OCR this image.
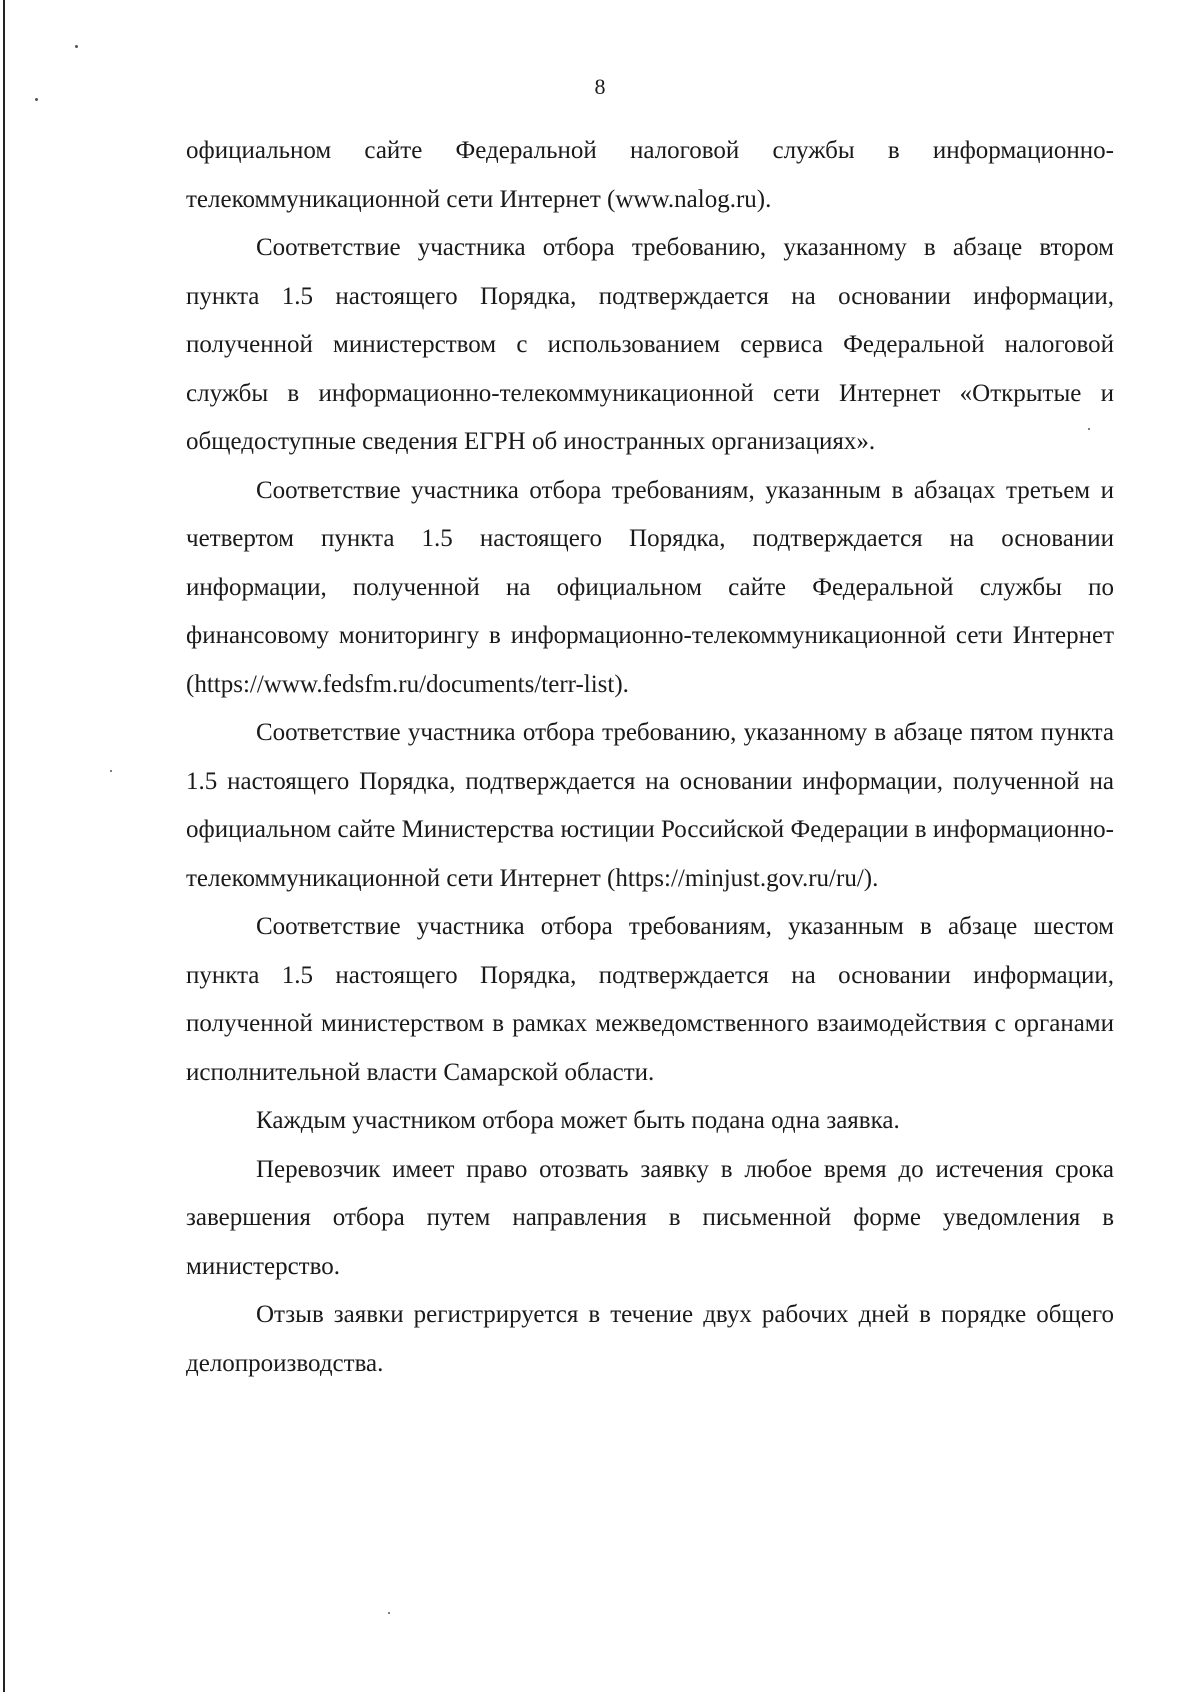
8

официальном сайте Федеральной налоговой службы в информационно-телекоммуникационной сети Интернет (www.nalog.ru).

Соответствие участника отбора требованию, указанному в абзаце втором пункта 1.5 настоящего Порядка, подтверждается на основании информации, полученной министерством с использованием сервиса Федеральной налоговой службы в информационно-телекоммуникационной сети Интернет «Открытые и общедоступные сведения ЕГРН об иностранных организациях».

Соответствие участника отбора требованиям, указанным в абзацах третьем и четвертом пункта 1.5 настоящего Порядка, подтверждается на основании информации, полученной на официальном сайте Федеральной службы по финансовому мониторингу в информационно-телекоммуникационной сети Интернет (https://www.fedsfm.ru/documents/terr-list).

Соответствие участника отбора требованию, указанному в абзаце пятом пункта 1.5 настоящего Порядка, подтверждается на основании информации, полученной на официальном сайте Министерства юстиции Российской Федерации в информационно-телекоммуникационной сети Интернет (https://minjust.gov.ru/ru/).

Соответствие участника отбора требованиям, указанным в абзаце шестом пункта 1.5 настоящего Порядка, подтверждается на основании информации, полученной министерством в рамках межведомственного взаимодействия с органами исполнительной власти Самарской области.

Каждым участником отбора может быть подана одна заявка.

Перевозчик имеет право отозвать заявку в любое время до истечения срока завершения отбора путем направления в письменной форме уведомления в министерство.

Отзыв заявки регистрируется в течение двух рабочих дней в порядке общего делопроизводства.
